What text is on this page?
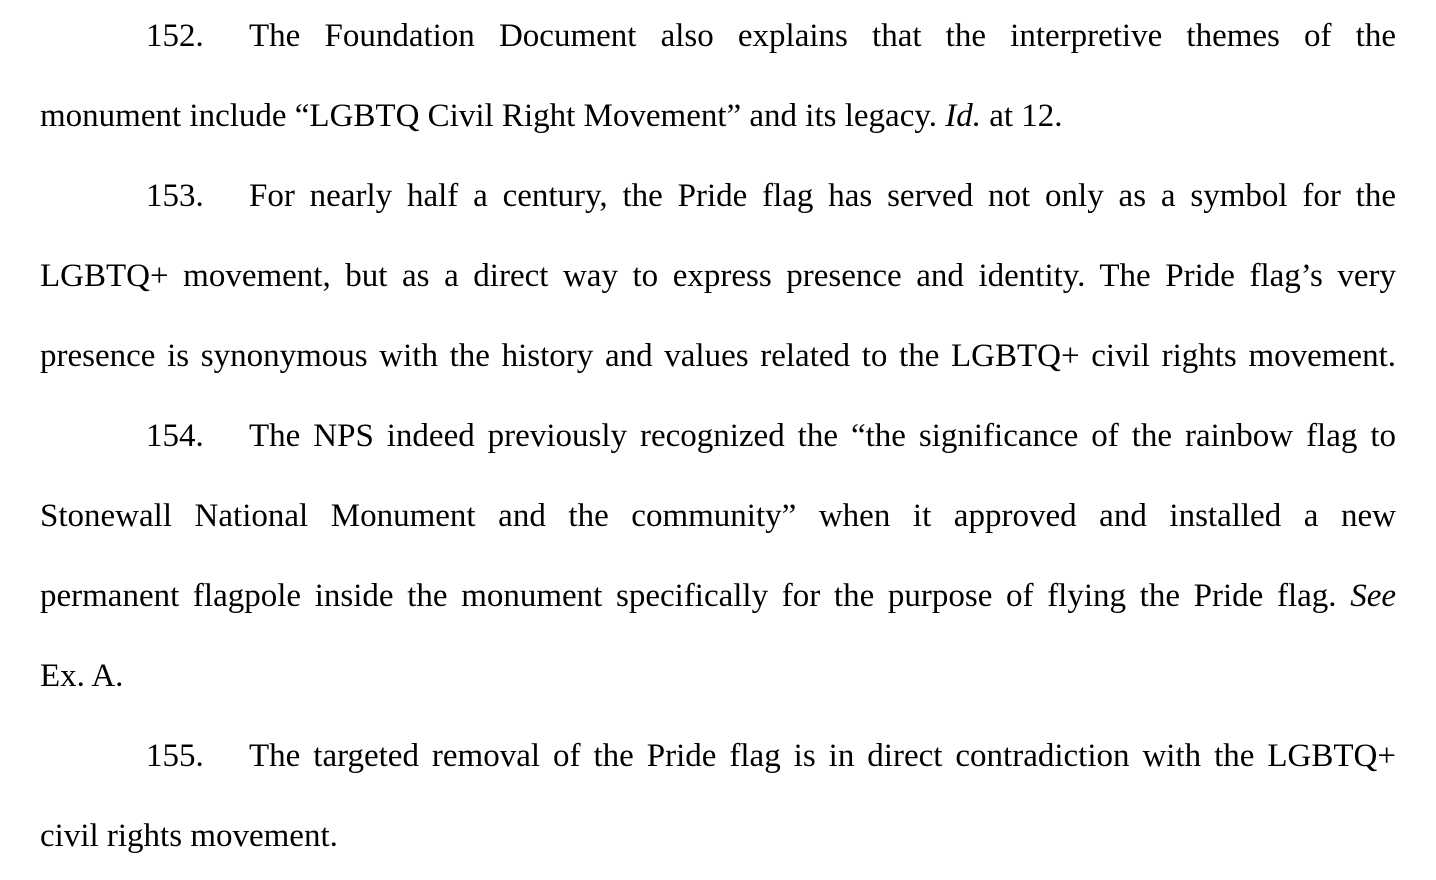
152. The Foundation Document also explains that the interpretive themes of the
monument include “LGBTQ Civil Right Movement” and its legacy. Id. at 12.
153. For nearly half a century, the Pride flag has served not only as a symbol for the
LGBTQ+ movement, but as a direct way to express presence and identity. The Pride flag’s very
presence is synonymous with the history and values related to the LGBTQ+ civil rights movement.
154. The NPS indeed previously recognized the “the significance of the rainbow flag to
Stonewall National Monument and the community” when it approved and installed a new
permanent flagpole inside the monument specifically for the purpose of flying the Pride flag. See
Ex. A.
155. The targeted removal of the Pride flag is in direct contradiction with the LGBTQ+
civil rights movement.
